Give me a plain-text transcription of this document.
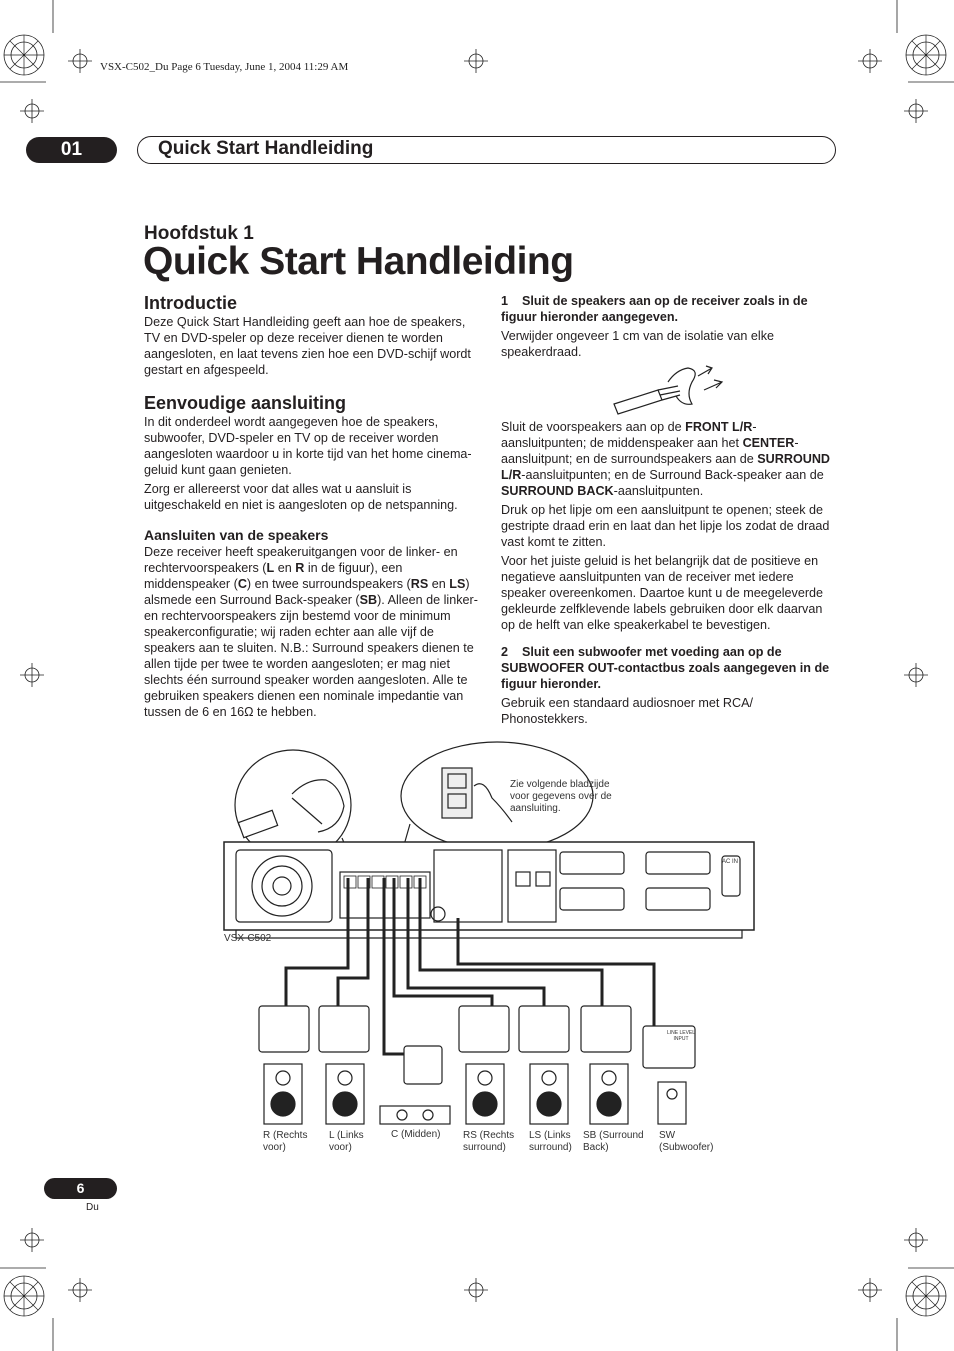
VSX-C502_Du Page 6 Tuesday, June 1, 2004 11:29 AM
01	Quick Start Handleiding
Hoofdstuk 1
Quick Start Handleiding
Introductie

Deze Quick Start Handleiding geeft aan hoe de speakers, TV en DVD-speler op deze receiver dienen te worden aangesloten, en laat tevens zien hoe een DVD-schijf wordt gestart en afgespeeld.

Eenvoudige aansluiting

In dit onderdeel wordt aangegeven hoe de speakers, subwoofer, DVD-speler en TV op de receiver worden aangesloten waardoor u in korte tijd van het home cinema-geluid kunt gaan genieten.

Zorg er allereerst voor dat alles wat u aansluit is uitgeschakeld en niet is aangesloten op de netspanning.

Aansluiten van de speakers

Deze receiver heeft speakeruitgangen voor de linker- en rechtervoorspeakers (L en R in de figuur), een middenspeaker (C) en twee surroundspeakers (RS en LS) alsmede een Surround Back-speaker (SB). Alleen de linker- en rechtervoorspeakers zijn bestemd voor de minimum speakerconfiguratie; wij raden echter aan alle vijf de speakers aan te sluiten. N.B.: Surround speakers dienen te allen tijde per twee te worden aangesloten; er mag niet slechts één surround speaker worden aangesloten. Alle te gebruiken speakers dienen een nominale impedantie van tussen de 6 en 16Ω te hebben.

1 Sluit de speakers aan op de receiver zoals in de figuur hieronder aangegeven.

Verwijder ongeveer 1 cm van de isolatie van elke speakerdraad.

Sluit de voorspeakers aan op de FRONT L/R-aansluitpunten; de middenspeaker aan het CENTER-aansluitpunt; en de surroundspeakers aan de SURROUND L/R-aansluitpunten; en de Surround Back-speaker aan de SURROUND BACK-aansluitpunten.

Druk op het lipje om een aansluitpunt te openen; steek de gestripte draad erin en laat dan het lipje los zodat de draad vast komt te zitten.

Voor het juiste geluid is het belangrijk dat de positieve en negatieve aansluitpunten van de receiver met iedere speaker overeenkomen. Daartoe kunt u de meegeleverde gekleurde zelfklevende labels gebruiken door elk daarvan op de helft van elke speakerkabel te bevestigen.

2 Sluit een subwoofer met voeding aan op de SUBWOOFER OUT-contactbus zoals aangegeven in de figuur hieronder.

Gebruik een standaard audiosnoer met RCA/ Phonostekkers.

Zie volgende bladzijde voor gegevens over de aansluiting.
VSX-C502
AC IN
LINE LEVEL INPUT
R (Rechts
voor)
L (Links
voor)
C (Midden) RS (Rechts
surround)
LS (Links
surround)
SB (Surround
Back)
SW
(Subwoofer)
6
Du
